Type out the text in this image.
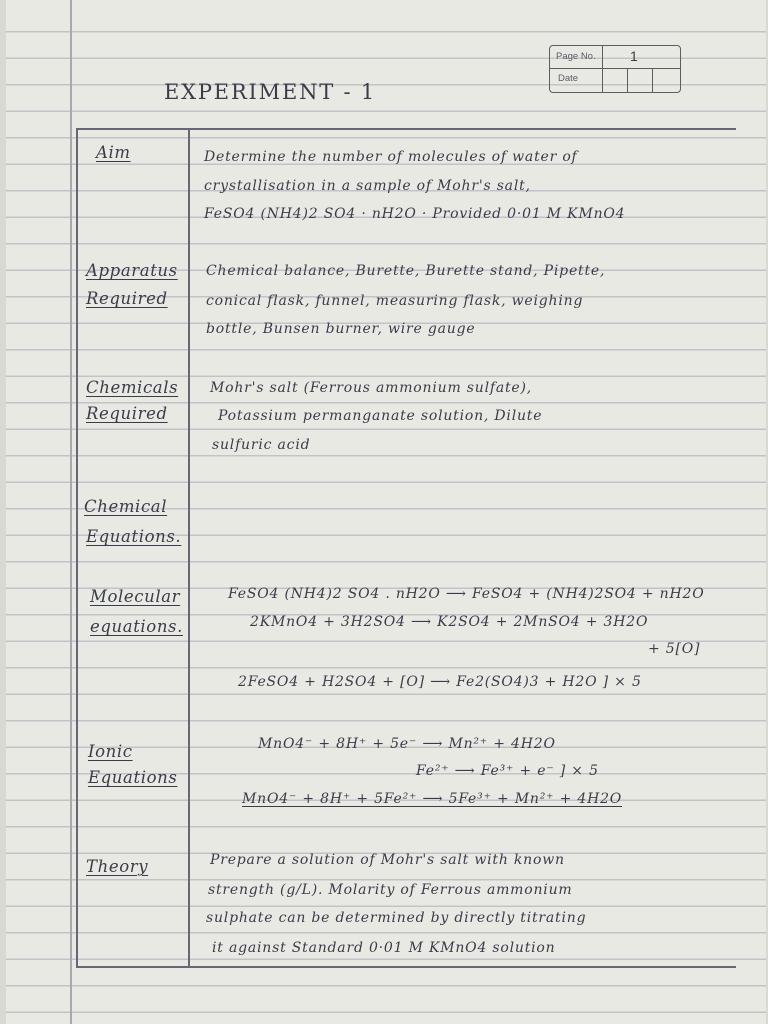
Page No.
Date
1
EXPERIMENT - 1
Aim	Determine the number of molecules of water of
crystallisation in a sample of Mohr's salt,
FeSO4 (NH4)2 SO4 · nH2O · Provided 0·01 M KMnO4
Apparatus
Required
Chemical balance, Burette, Burette stand, Pipette,
conical flask, funnel, measuring flask, weighing
bottle, Bunsen burner, wire gauge
Chemicals
Required
Mohr's salt (Ferrous ammonium sulfate),
Potassium permanganate solution, Dilute
sulfuric acid
Chemical
Equations.
Molecular
equations.
FeSO4 (NH4)2 SO4 . nH2O ⟶ FeSO4 + (NH4)2SO4 + nH2O
2KMnO4 + 3H2SO4 ⟶ K2SO4 + 2MnSO4 + 3H2O
+ 5[O]
2FeSO4 + H2SO4 + [O] ⟶ Fe2(SO4)3 + H2O ] × 5
Ionic
Equations
MnO4⁻ + 8H⁺ + 5e⁻ ⟶ Mn²⁺ + 4H2O
Fe²⁺ ⟶ Fe³⁺ + e⁻ ] × 5
MnO4⁻ + 8H⁺ + 5Fe²⁺ ⟶ 5Fe³⁺ + Mn²⁺ + 4H2O
Theory	Prepare a solution of Mohr's salt with known
strength (g/L). Molarity of Ferrous ammonium
sulphate can be determined by directly titrating
it against Standard 0·01 M KMnO4 solution
